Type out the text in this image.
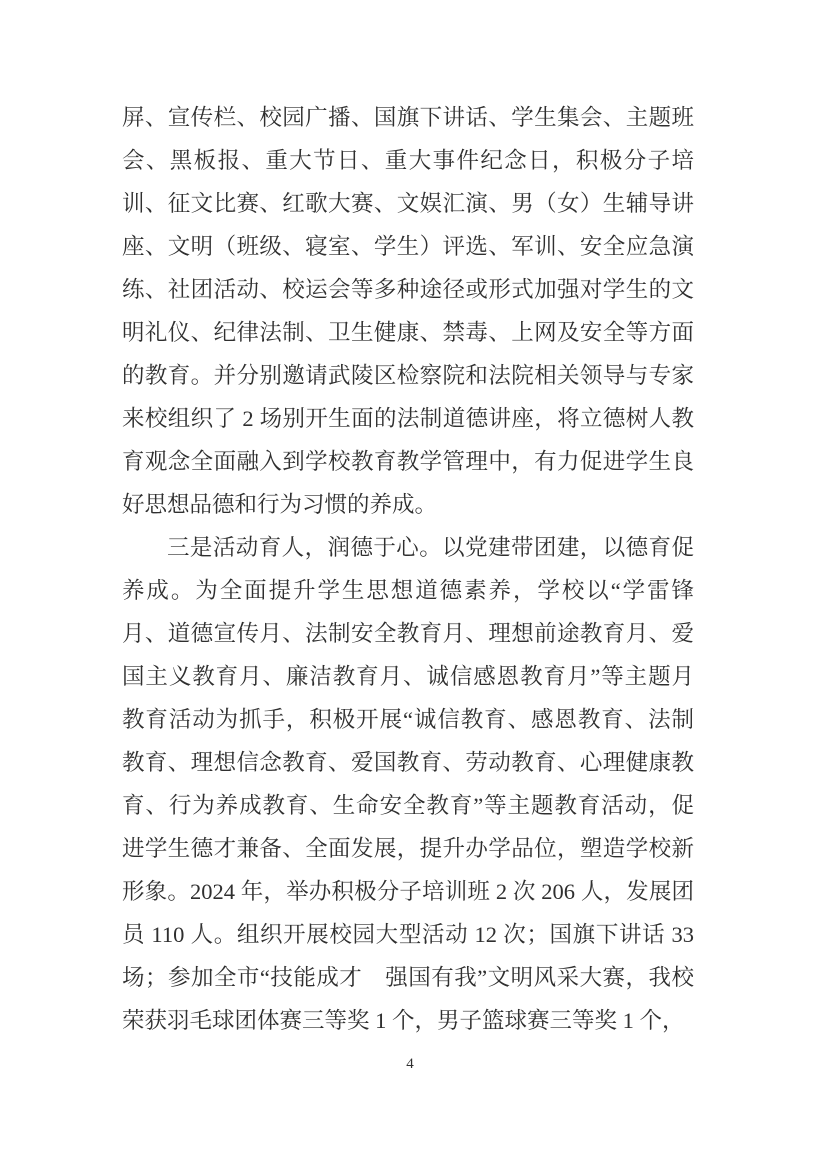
屏、宣传栏、校园广播、国旗下讲话、学生集会、主题班
会、黑板报、重大节日、重大事件纪念日，积极分子培
训、征文比赛、红歌大赛、文娱汇演、男（女）生辅导讲
座、文明（班级、寝室、学生）评选、军训、安全应急演
练、社团活动、校运会等多种途径或形式加强对学生的文
明礼仪、纪律法制、卫生健康、禁毒、上网及安全等方面
的教育。并分别邀请武陵区检察院和法院相关领导与专家
来校组织了 2 场别开生面的法制道德讲座，将立德树人教
育观念全面融入到学校教育教学管理中，有力促进学生良
好思想品德和行为习惯的养成。
三是活动育人，润德于心。以党建带团建，以德育促
养成。为全面提升学生思想道德素养，学校以“学雷锋
月、道德宣传月、法制安全教育月、理想前途教育月、爱
国主义教育月、廉洁教育月、诚信感恩教育月”等主题月
教育活动为抓手，积极开展“诚信教育、感恩教育、法制
教育、理想信念教育、爱国教育、劳动教育、心理健康教
育、行为养成教育、生命安全教育”等主题教育活动，促
进学生德才兼备、全面发展，提升办学品位，塑造学校新
形象。2024 年，举办积极分子培训班 2 次 206 人，发展团
员 110 人。组织开展校园大型活动 12 次；国旗下讲话 33
场；参加全市“技能成才　强国有我”文明风采大赛，我校
荣获羽毛球团体赛三等奖 1 个，男子篮球赛三等奖 1 个，
4
